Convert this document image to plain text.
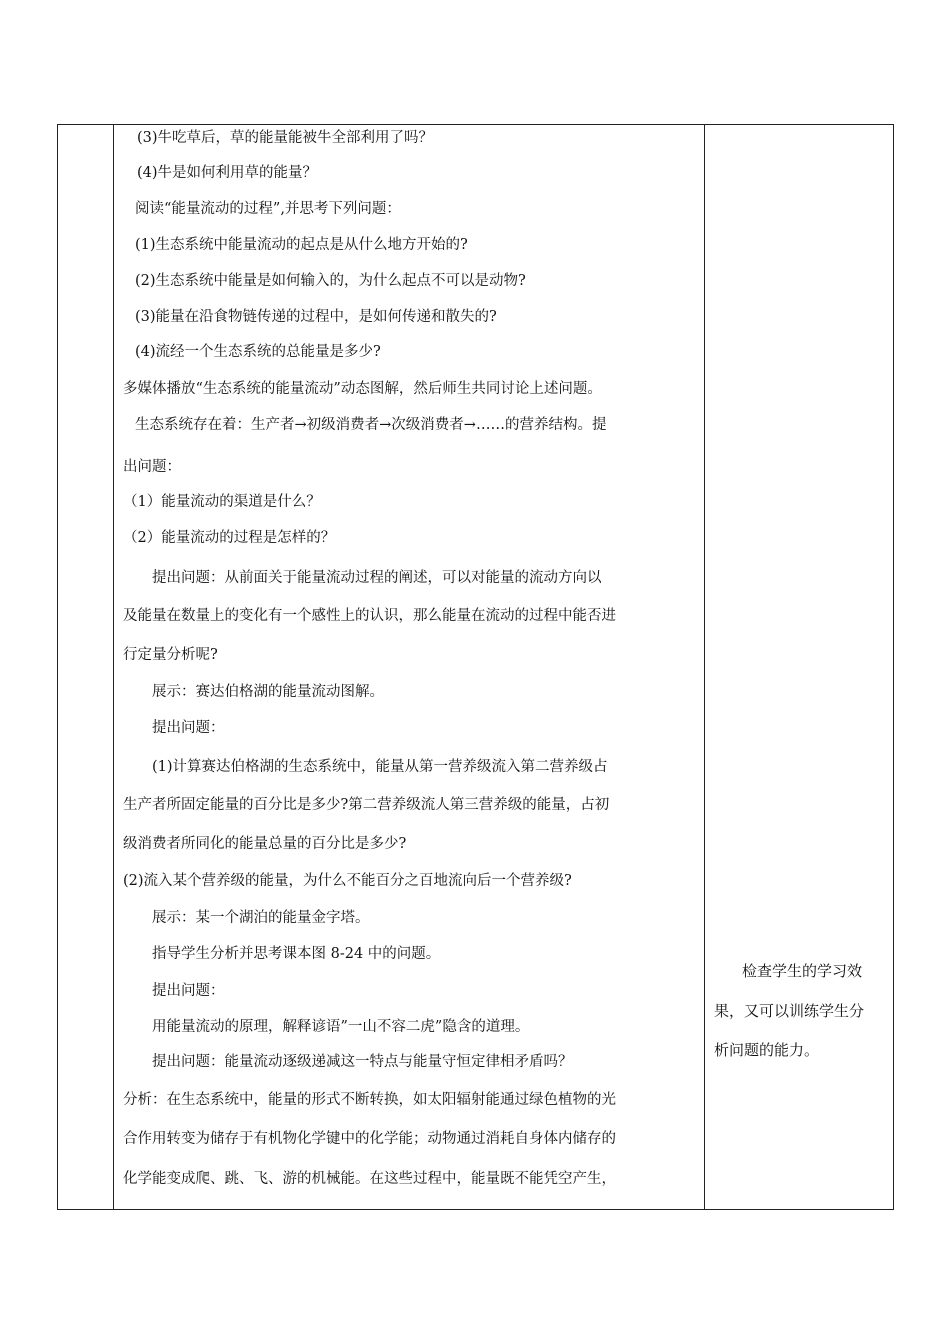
(3)牛吃草后，草的能量能被牛全部利用了吗？
(4)牛是如何利用草的能量？
阅读“能量流动的过程”,并思考下列问题：
(1)生态系统中能量流动的起点是从什么地方开始的?
(2)生态系统中能量是如何输入的，为什么起点不可以是动物?
(3)能量在沿食物链传递的过程中，是如何传递和散失的?
(4)流经一个生态系统的总能量是多少?
多媒体播放“生态系统的能量流动”动态图解，然后师生共同讨论上述问题。
生态系统存在着：生产者→初级消费者→次级消费者→……的营养结构。提
出问题：
（1）能量流动的渠道是什么？
（2）能量流动的过程是怎样的？
提出问题：从前面关于能量流动过程的阐述，可以对能量的流动方向以
及能量在数量上的变化有一个感性上的认识，那么能量在流动的过程中能否进
行定量分析呢?
展示：赛达伯格湖的能量流动图解。
提出问题：
(1)计算赛达伯格湖的生态系统中，能量从第一营养级流入第二营养级占
生产者所固定能量的百分比是多少?第二营养级流人第三营养级的能量，占初
级消费者所同化的能量总量的百分比是多少?
(2)流入某个营养级的能量，为什么不能百分之百地流向后一个营养级?
展示：某一个湖泊的能量金字塔。
指导学生分析并思考课本图 8-24 中的问题。
提出问题：
用能量流动的原理，解释谚语”一山不容二虎”隐含的道理。
提出问题：能量流动逐级递减这一特点与能量守恒定律相矛盾吗？
分析：在生态系统中，能量的形式不断转换，如太阳辐射能通过绿色植物的光
合作用转变为储存于有机物化学键中的化学能；动物通过消耗自身体内储存的
化学能变成爬、跳、飞、游的机械能。在这些过程中，能量既不能凭空产生，
检查学生的学习效
果，又可以训练学生分
析问题的能力。
